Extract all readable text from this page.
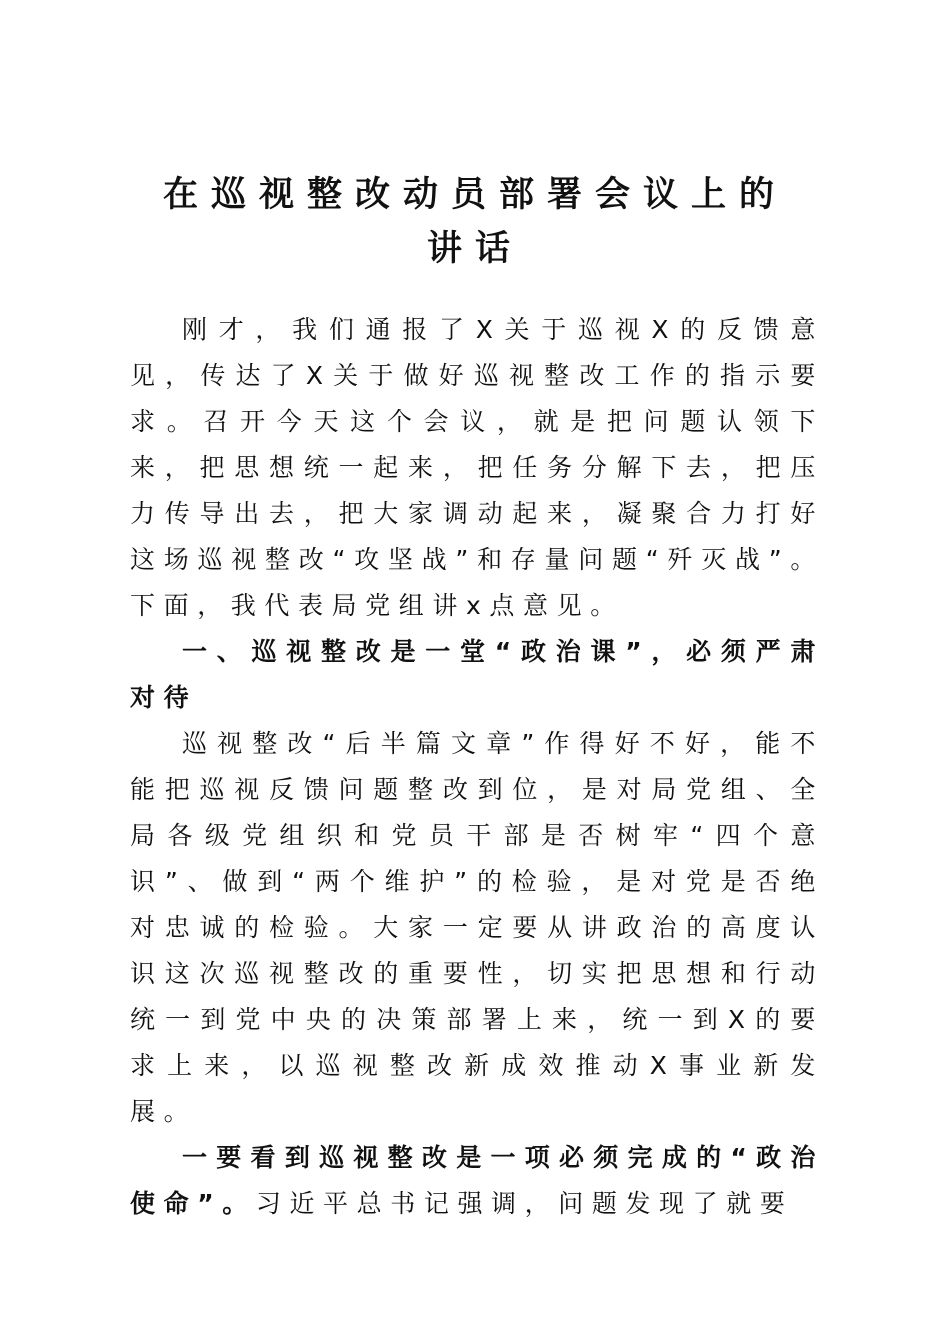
在巡视整改动员部署会议上的

讲话

刚才，我们通报了X关于巡视X的反馈意见，传达了X关于做好巡视整改工作的指示要求。召开今天这个会议，就是把问题认领下来，把思想统一起来，把任务分解下去，把压力传导出去，把大家调动起来，凝聚合力打好这场巡视整改“攻坚战”和存量问题“歼灭战”。下面，我代表局党组讲x点意见。

一、巡视整改是一堂“政治课”，必须严肃对待

巡视整改“后半篇文章”作得好不好，能不能把巡视反馈问题整改到位，是对局党组、全局各级党组织和党员干部是否树牢“四个意识”、做到“两个维护”的检验，是对党是否绝对忠诚的检验。大家一定要从讲政治的高度认识这次巡视整改的重要性，切实把思想和行动统一到党中央的决策部署上来，统一到X的要求上来，以巡视整改新成效推动X事业新发展。

一要看到巡视整改是一项必须完成的“政治使命”。习近平总书记强调，问题发现了就要
